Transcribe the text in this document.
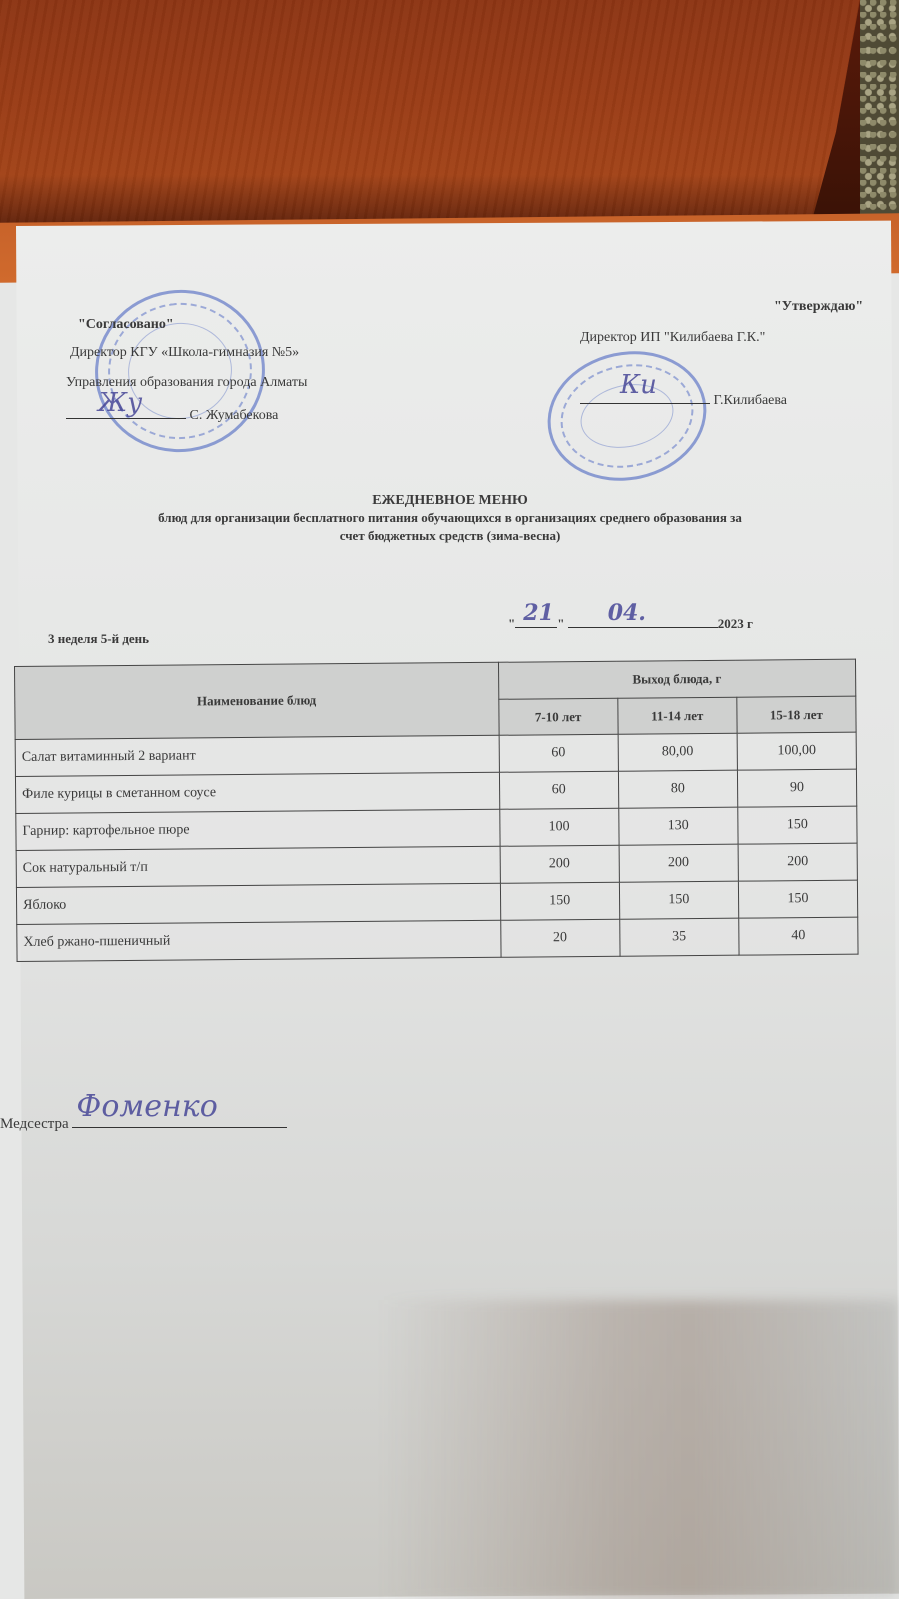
"Согласовано"
Директор КГУ «Школа-гимназия №5»
Управления образования города Алматы
С. Жумабекова
Жу
"Утверждаю"
Директор ИП "Килибаева Г.К."
Г.Килибаева
Ки
ЕЖЕДНЕВНОЕ МЕНЮ
блюд для организации бесплатного питания обучающихся в организациях среднего образования за
счет бюджетных средств (зима-весна)
3 неделя 5-й день
" 21 " 04.	2023 г
Наименование блюд	Выход блюда, г		
	7-10 лет	11-14 лет	15-18 лет
Салат витаминный 2 вариант	60	80,00	100,00
Филе курицы в сметанном соусе	60	80	90
Гарнир: картофельное пюре	100	130	150
Сок натуральный т/п	200	200	200
Яблоко	150	150	150
Хлеб ржано-пшеничный	20	35	40
Медсестра Фоменко
